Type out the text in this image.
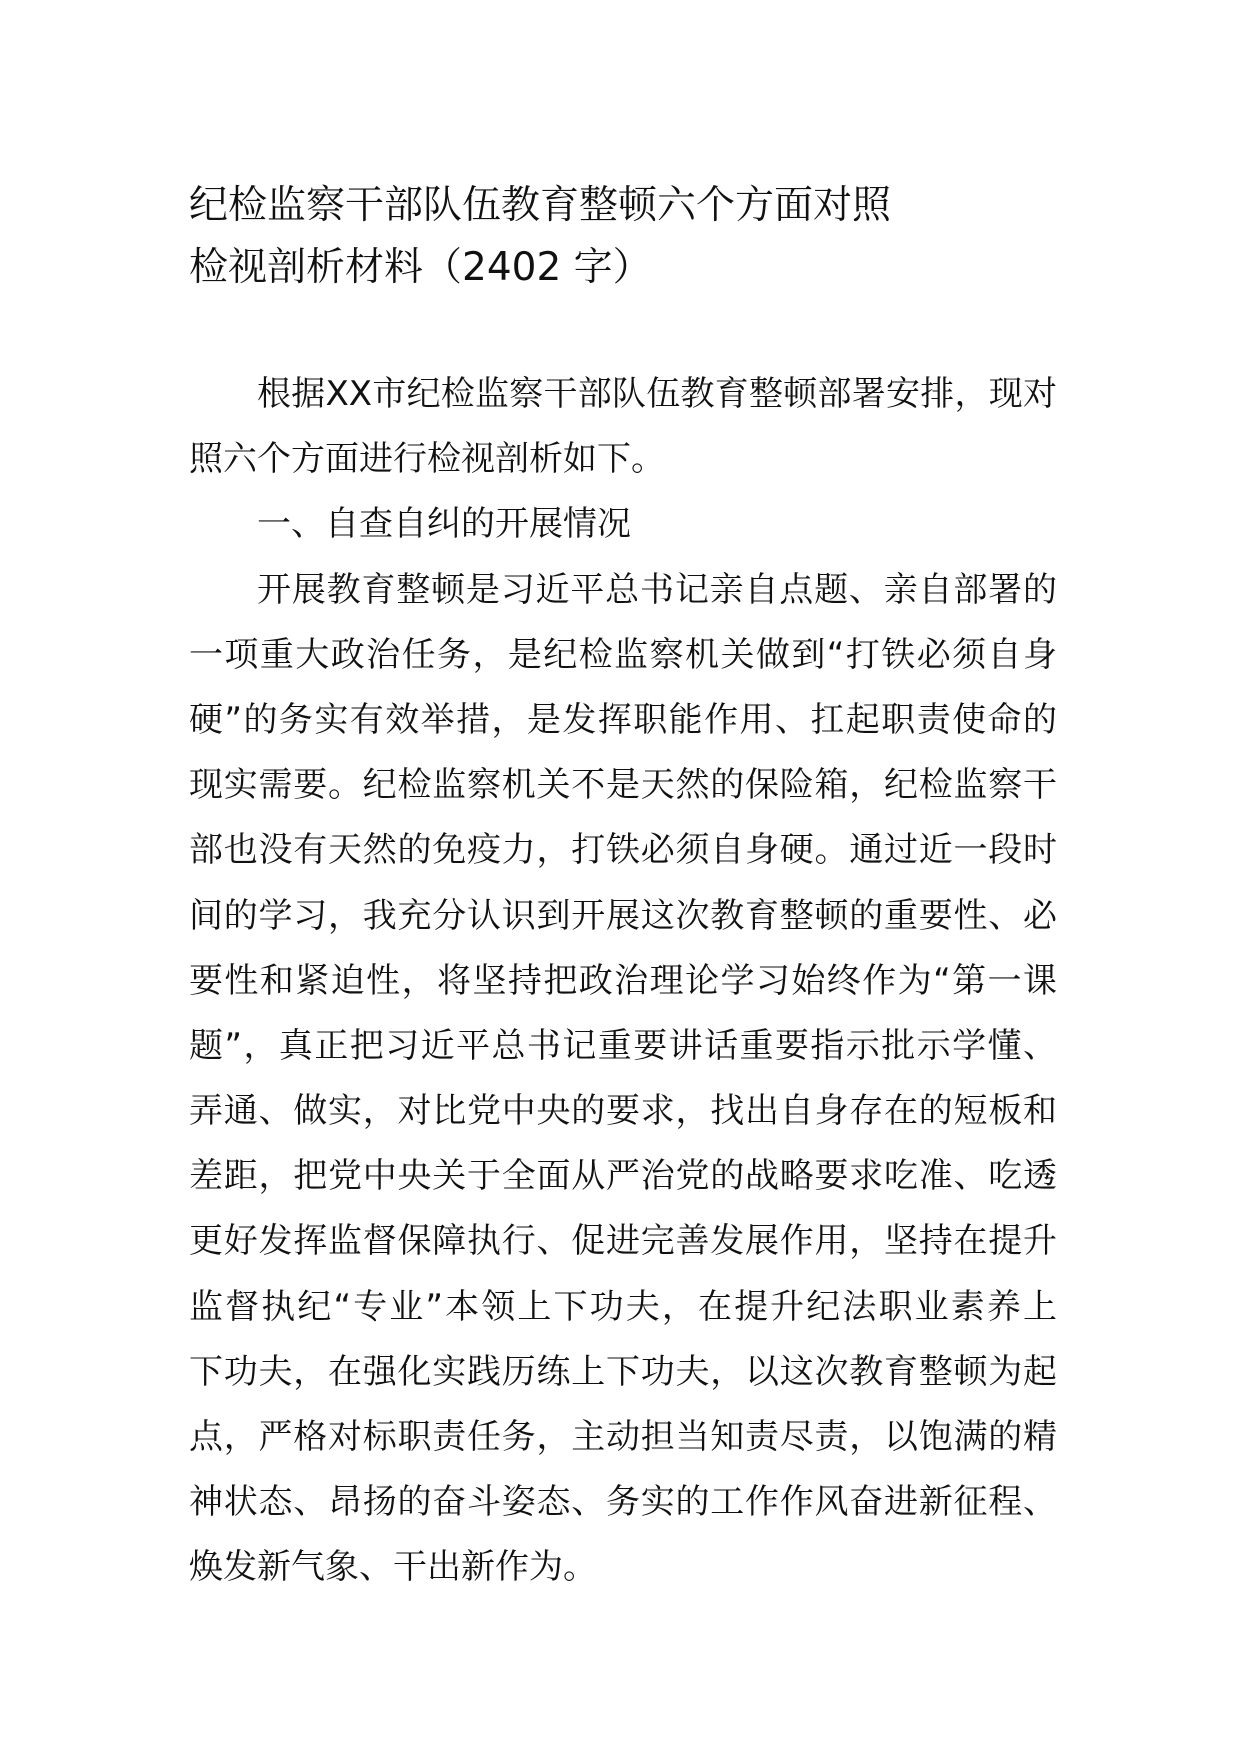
纪检监察干部队伍教育整顿六个方面对照
检视剖析材料（2402 字）
根据XX市纪检监察干部队伍教育整顿部署安排，现对
照六个方面进行检视剖析如下。
一、自查自纠的开展情况
开展教育整顿是习近平总书记亲自点题、亲自部署的
一项重大政治任务，是纪检监察机关做到“打铁必须自身
硬”的务实有效举措，是发挥职能作用、扛起职责使命的
现实需要。纪检监察机关不是天然的保险箱，纪检监察干
部也没有天然的免疫力，打铁必须自身硬。通过近一段时
间的学习，我充分认识到开展这次教育整顿的重要性、必
要性和紧迫性，将坚持把政治理论学习始终作为“第一课
题”，真正把习近平总书记重要讲话重要指示批示学懂、
弄通、做实，对比党中央的要求，找出自身存在的短板和
差距，把党中央关于全面从严治党的战略要求吃准、吃透
更好发挥监督保障执行、促进完善发展作用，坚持在提升
监督执纪“专业”本领上下功夫，在提升纪法职业素养上
下功夫，在强化实践历练上下功夫，以这次教育整顿为起
点，严格对标职责任务，主动担当知责尽责，以饱满的精
神状态、昂扬的奋斗姿态、务实的工作作风奋进新征程、
焕发新气象、干出新作为。
